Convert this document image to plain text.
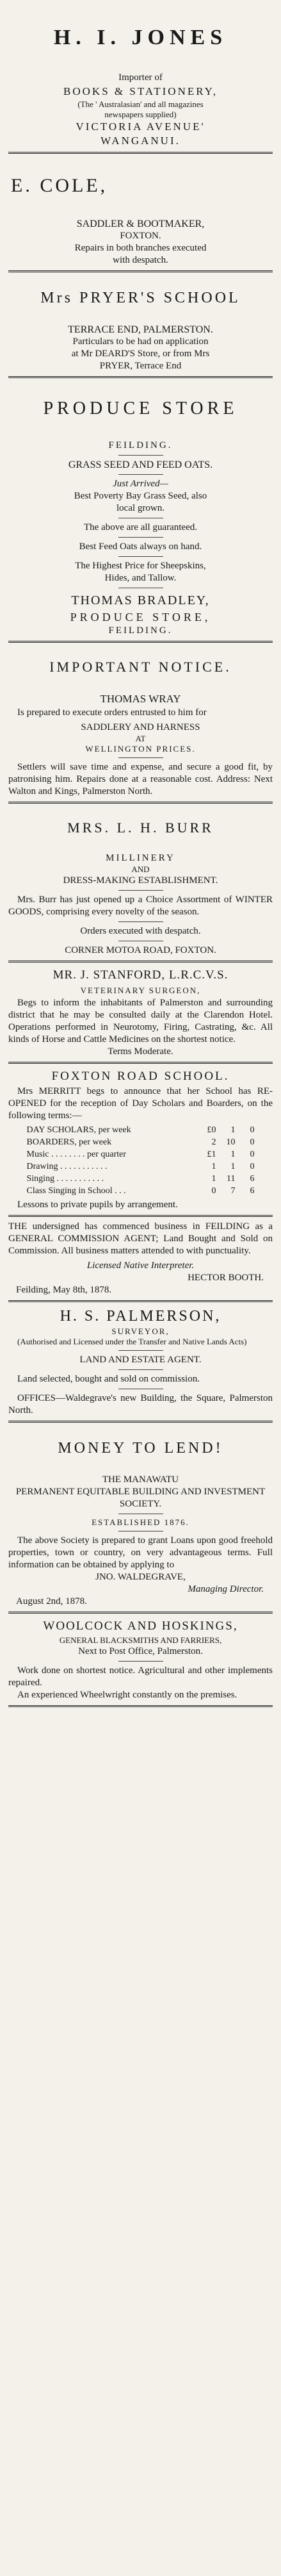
H. I. JONES

Importer of

BOOKS & STATIONERY,

(The ' Australasian' and all magazines

newspapers supplied)

VICTORIA AVENUE'

WANGANUI.

E. COLE,

SADDLER & BOOTMAKER,

FOXTON.

Repairs in both branches executed

with despatch.

Mrs PRYER'S SCHOOL

TERRACE END, PALMERSTON.

Particulars to be had on application

at Mr DEARD'S Store, or from Mrs

PRYER, Terrace End

PRODUCE STORE

FEILDING.

GRASS SEED AND FEED OATS.

Just Arrived—

Best Poverty Bay Grass Seed, also

local grown.

The above are all guaranteed.

Best Feed Oats always on hand.

The Highest Price for Sheepskins,

Hides, and Tallow.

THOMAS BRADLEY,

PRODUCE STORE,

FEILDING.

IMPORTANT NOTICE.

THOMAS WRAY

Is prepared to execute orders entrusted to him for

SADDLERY AND HARNESS

AT

WELLINGTON PRICES.

Settlers will save time and expense, and secure a good fit, by patronising him. Repairs done at a reasonable cost. Address: Next Walton and Kings, Palmerston North.

MRS. L. H. BURR

MILLINERY

AND

DRESS-MAKING ESTABLISHMENT.

Mrs. Burr has just opened up a Choice Assortment of WINTER GOODS, comprising every novelty of the season.

Orders executed with despatch.

CORNER MOTOA ROAD, FOXTON.

MR. J. STANFORD, L.R.C.V.S.

VETERINARY SURGEON,

Begs to inform the inhabitants of Palmerston and surrounding district that he may be consulted daily at the Clarendon Hotel. Operations performed in Neurotomy, Firing, Castrating, &c. All kinds of Horse and Cattle Medicines on the shortest notice.

Terms Moderate.

FOXTON ROAD SCHOOL.

Mrs MERRITT begs to announce that her School has RE-OPENED for the reception of Day Scholars and Boarders, on the following terms:—

DAY SCHOLARS, per week	£0	1	0
BOARDERS, per week	2	10	0
Music . . . . . . . . per quarter	£1	1	0
Drawing . . . . . . . . . . .	1	1	0
Singing . . . . . . . . . . .	1	11	6
Class Singing in School . . .	0	7	6

Lessons to private pupils by arrangement.

THE undersigned has commenced business in FEILDING as a GENERAL COMMISSION AGENT; Land Bought and Sold on Commission. All business matters attended to with punctuality.

Licensed Native Interpreter.

HECTOR BOOTH.

Feilding, May 8th, 1878.

H. S. PALMERSON,

SURVEYOR,

(Authorised and Licensed under the Transfer and Native Lands Acts)

LAND AND ESTATE AGENT.

Land selected, bought and sold on commission.

OFFICES—Waldegrave's new Building, the Square, Palmerston North.

MONEY TO LEND!

THE MANAWATU

PERMANENT EQUITABLE BUILDING AND INVESTMENT

SOCIETY.

ESTABLISHED 1876.

The above Society is prepared to grant Loans upon good freehold properties, town or country, on very advantageous terms. Full information can be obtained by applying to

JNO. WALDEGRAVE,

Managing Director.

August 2nd, 1878.

WOOLCOCK AND HOSKINGS,

GENERAL BLACKSMITHS AND FARRIERS,

Next to Post Office, Palmerston.

Work done on shortest notice. Agricultural and other implements repaired.

An experienced Wheelwright constantly on the premises.
